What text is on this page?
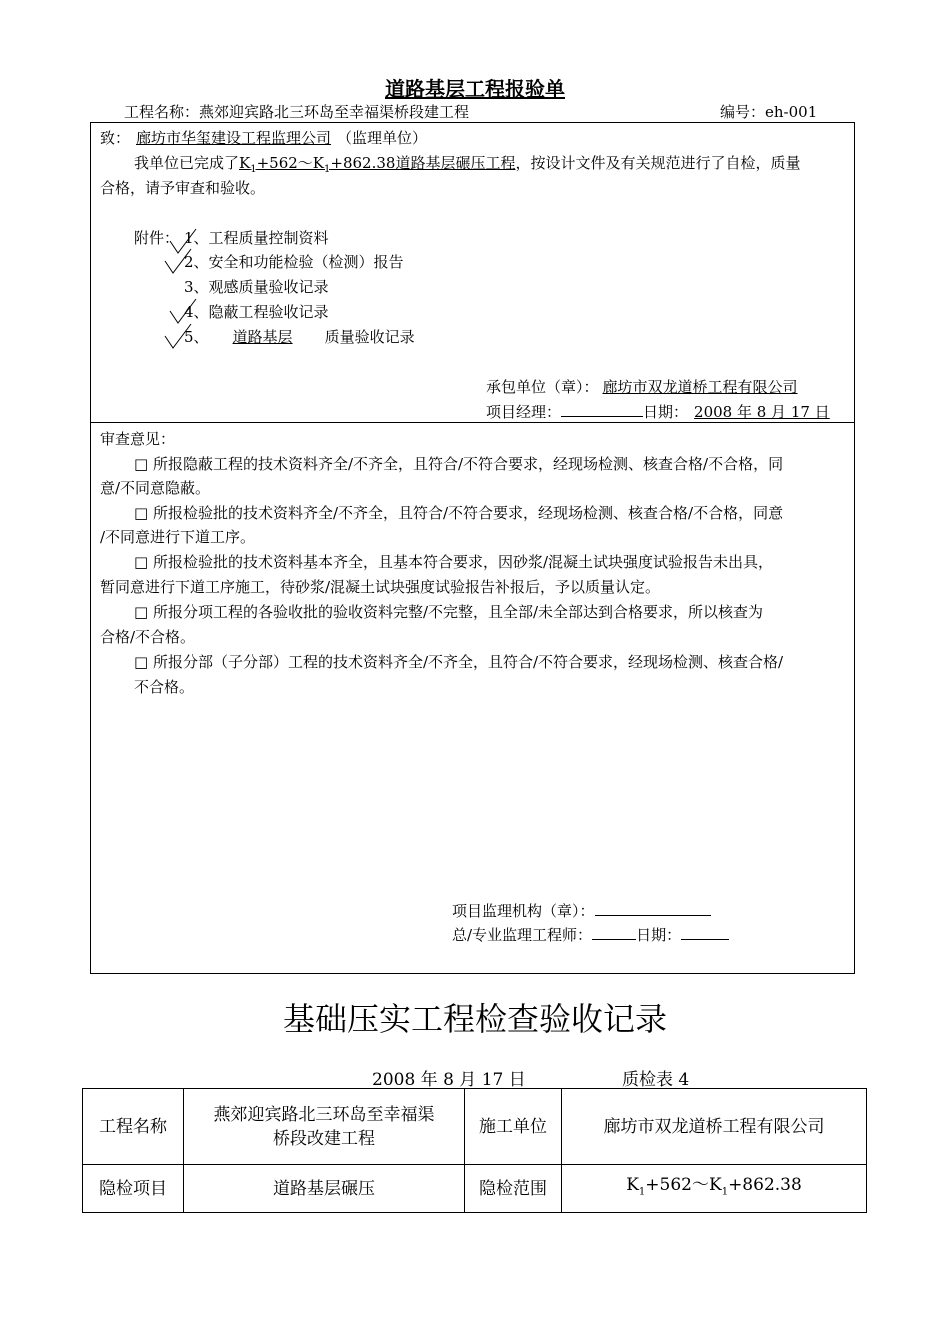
道路基层工程报验单
工程名称：燕郊迎宾路北三环岛至幸福渠桥段建工程	编号：eh-001
致： 廊坊市华玺建设工程监理公司 （监理单位）
我单位已完成了$K_1+562\sim K_1+862.38$道路基层碾压工程，按设计文件及有关规范进行了自检，质量
合格，请予审查和验收。
附件： 1、工程质量控制资料
2、安全和功能检验（检测）报告
3、观感质量验收记录
4、隐蔽工程验收记录
5、 道路基层 质量验收记录
承包单位（章）： 廊坊市双龙道桥工程有限公司
项目经理：	日期： 2008 年 8 月 17 日
审查意见：
□ 所报隐蔽工程的技术资料齐全/不齐全，且符合/不符合要求，经现场检测、核查合格/不合格，同
意/不同意隐蔽。
□ 所报检验批的技术资料齐全/不齐全，且符合/不符合要求，经现场检测、核查合格/不合格，同意
/不同意进行下道工序。
□ 所报检验批的技术资料基本齐全，且基本符合要求，因砂浆/混凝土试块强度试验报告未出具，
暂同意进行下道工序施工，待砂浆/混凝土试块强度试验报告补报后，予以质量认定。
□ 所报分项工程的各验收批的验收资料完整/不完整，且全部/未全部达到合格要求，所以核查为
合格/不合格。
□ 所报分部（子分部）工程的技术资料齐全/不齐全，且符合/不符合要求，经现场检测、核查合格/
不合格。
项目监理机构（章）：
总/专业监理工程师：	日期：
基础压实工程检查验收记录
2008 年 8 月 17 日	质检表 4
工程名称	燕郊迎宾路北三环岛至幸福渠
桥段改建工程	施工单位	廊坊市双龙道桥工程有限公司
隐检项目	道路基层碾压	隐检范围	$K_1+562\sim K_1+862.38$
